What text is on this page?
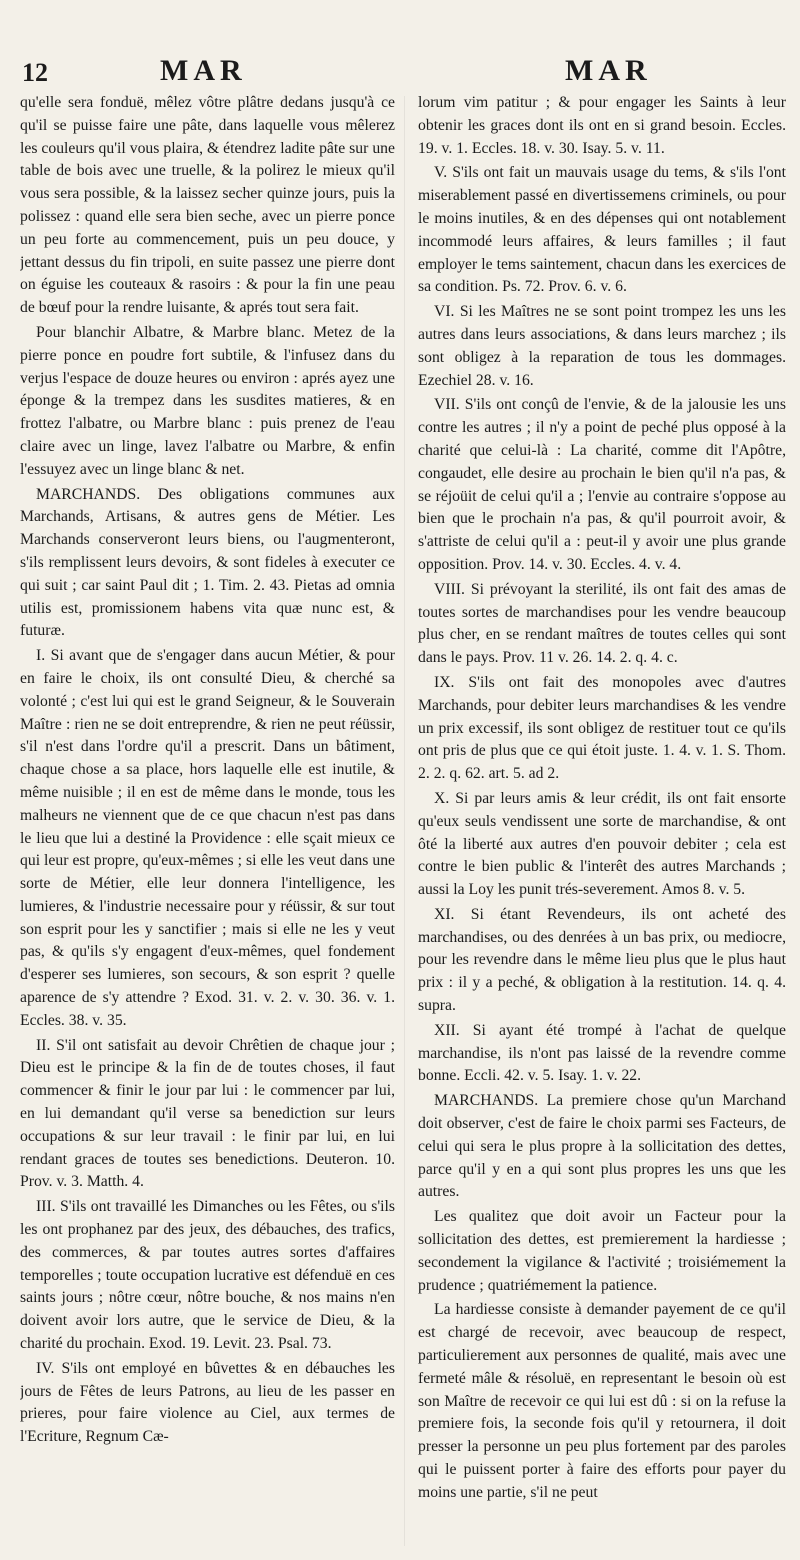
12	MAR	MAR

qu'elle sera fonduë, mêlez vôtre plâtre dedans jusqu'à ce qu'il se puisse faire une pâte, dans laquelle vous mêlerez les couleurs qu'il vous plaira, & étendrez ladite pâte sur une table de bois avec une truelle, & la polirez le mieux qu'il vous sera possible, & la laissez secher quinze jours, puis la polissez : quand elle sera bien seche, avec un pierre ponce un peu forte au commencement, puis un peu douce, y jettant dessus du fin tripoli, en suite passez une pierre dont on éguise les couteaux & rasoirs : & pour la fin une peau de bœuf pour la rendre luisante, & aprés tout sera fait.

Pour blanchir Albatre, & Marbre blanc. Metez de la pierre ponce en poudre fort subtile, & l'infusez dans du verjus l'espace de douze heures ou environ : aprés ayez une éponge & la trempez dans les susdites matieres, & en frottez l'albatre, ou Marbre blanc : puis prenez de l'eau claire avec un linge, lavez l'albatre ou Marbre, & enfin l'essuyez avec un linge blanc & net.

MARCHANDS. Des obligations communes aux Marchands, Artisans, & autres gens de Métier. Les Marchands conserveront leurs biens, ou l'augmenteront, s'ils remplissent leurs devoirs, & sont fideles à executer ce qui suit ; car saint Paul dit ; 1. Tim. 2. 43. Pietas ad omnia utilis est, promissionem habens vita quæ nunc est, & futuræ.

I. Si avant que de s'engager dans aucun Métier, & pour en faire le choix, ils ont consulté Dieu, & cherché sa volonté ; c'est lui qui est le grand Seigneur, & le Souverain Maître : rien ne se doit entreprendre, & rien ne peut réüssir, s'il n'est dans l'ordre qu'il a prescrit. Dans un bâtiment, chaque chose a sa place, hors laquelle elle est inutile, & même nuisible ; il en est de même dans le monde, tous les malheurs ne viennent que de ce que chacun n'est pas dans le lieu que lui a destiné la Providence : elle sçait mieux ce qui leur est propre, qu'eux-mêmes ; si elle les veut dans une sorte de Métier, elle leur donnera l'intelligence, les lumieres, & l'industrie necessaire pour y réüssir, & sur tout son esprit pour les y sanctifier ; mais si elle ne les y veut pas, & qu'ils s'y engagent d'eux-mêmes, quel fondement d'esperer ses lumieres, son secours, & son esprit ? quelle aparence de s'y attendre ? Exod. 31. v. 2. v. 30. 36. v. 1. Eccles. 38. v. 35.

II. S'il ont satisfait au devoir Chrêtien de chaque jour ; Dieu est le principe & la fin de de toutes choses, il faut commencer & finir le jour par lui : le commencer par lui, en lui demandant qu'il verse sa benediction sur leurs occupations & sur leur travail : le finir par lui, en lui rendant graces de toutes ses benedictions. Deuteron. 10. Prov. v. 3. Matth. 4.

III. S'ils ont travaillé les Dimanches ou les Fêtes, ou s'ils les ont prophanez par des jeux, des débauches, des trafics, des commerces, & par toutes autres sortes d'affaires temporelles ; toute occupation lucrative est défenduë en ces saints jours ; nôtre cœur, nôtre bouche, & nos mains n'en doivent avoir lors autre, que le service de Dieu, & la charité du prochain. Exod. 19. Levit. 23. Psal. 73.

IV. S'ils ont employé en bûvettes & en débauches les jours de Fêtes de leurs Patrons, au lieu de les passer en prieres, pour faire violence au Ciel, aux termes de l'Ecriture, Regnum Cæ-

lorum vim patitur ; & pour engager les Saints à leur obtenir les graces dont ils ont en si grand besoin. Eccles. 19. v. 1. Eccles. 18. v. 30. Isay. 5. v. 11.

V. S'ils ont fait un mauvais usage du tems, & s'ils l'ont miserablement passé en divertissemens criminels, ou pour le moins inutiles, & en des dépenses qui ont notablement incommodé leurs affaires, & leurs familles ; il faut employer le tems saintement, chacun dans les exercices de sa condition. Ps. 72. Prov. 6. v. 6.

VI. Si les Maîtres ne se sont point trompez les uns les autres dans leurs associations, & dans leurs marchez ; ils sont obligez à la reparation de tous les dommages. Ezechiel 28. v. 16.

VII. S'ils ont conçû de l'envie, & de la jalousie les uns contre les autres ; il n'y a point de peché plus opposé à la charité que celui-là : La charité, comme dit l'Apôtre, congaudet, elle desire au prochain le bien qu'il n'a pas, & se réjoüit de celui qu'il a ; l'envie au contraire s'oppose au bien que le prochain n'a pas, & qu'il pourroit avoir, & s'attriste de celui qu'il a : peut-il y avoir une plus grande opposition. Prov. 14. v. 30. Eccles. 4. v. 4.

VIII. Si prévoyant la sterilité, ils ont fait des amas de toutes sortes de marchandises pour les vendre beaucoup plus cher, en se rendant maîtres de toutes celles qui sont dans le pays. Prov. 11 v. 26. 14. 2. q. 4. c.

IX. S'ils ont fait des monopoles avec d'autres Marchands, pour debiter leurs marchandises & les vendre un prix excessif, ils sont obligez de restituer tout ce qu'ils ont pris de plus que ce qui étoit juste. 1. 4. v. 1. S. Thom. 2. 2. q. 62. art. 5. ad 2.

X. Si par leurs amis & leur crédit, ils ont fait ensorte qu'eux seuls vendissent une sorte de marchandise, & ont ôté la liberté aux autres d'en pouvoir debiter ; cela est contre le bien public & l'interêt des autres Marchands ; aussi la Loy les punit trés-severement. Amos 8. v. 5.

XI. Si étant Revendeurs, ils ont acheté des marchandises, ou des denrées à un bas prix, ou mediocre, pour les revendre dans le même lieu plus que le plus haut prix : il y a peché, & obligation à la restitution. 14. q. 4. supra.

XII. Si ayant été trompé à l'achat de quelque marchandise, ils n'ont pas laissé de la revendre comme bonne. Eccli. 42. v. 5. Isay. 1. v. 22.

MARCHANDS. La premiere chose qu'un Marchand doit observer, c'est de faire le choix parmi ses Facteurs, de celui qui sera le plus propre à la sollicitation des dettes, parce qu'il y en a qui sont plus propres les uns que les autres.

Les qualitez que doit avoir un Facteur pour la sollicitation des dettes, est premierement la hardiesse ; secondement la vigilance & l'activité ; troisiémement la prudence ; quatriémement la patience.

La hardiesse consiste à demander payement de ce qu'il est chargé de recevoir, avec beaucoup de respect, particulierement aux personnes de qualité, mais avec une fermeté mâle & résoluë, en representant le besoin où est son Maître de recevoir ce qui lui est dû : si on la refuse la premiere fois, la seconde fois qu'il y retournera, il doit presser la personne un peu plus fortement par des paroles qui le puissent porter à faire des efforts pour payer du moins une partie, s'il ne peut
